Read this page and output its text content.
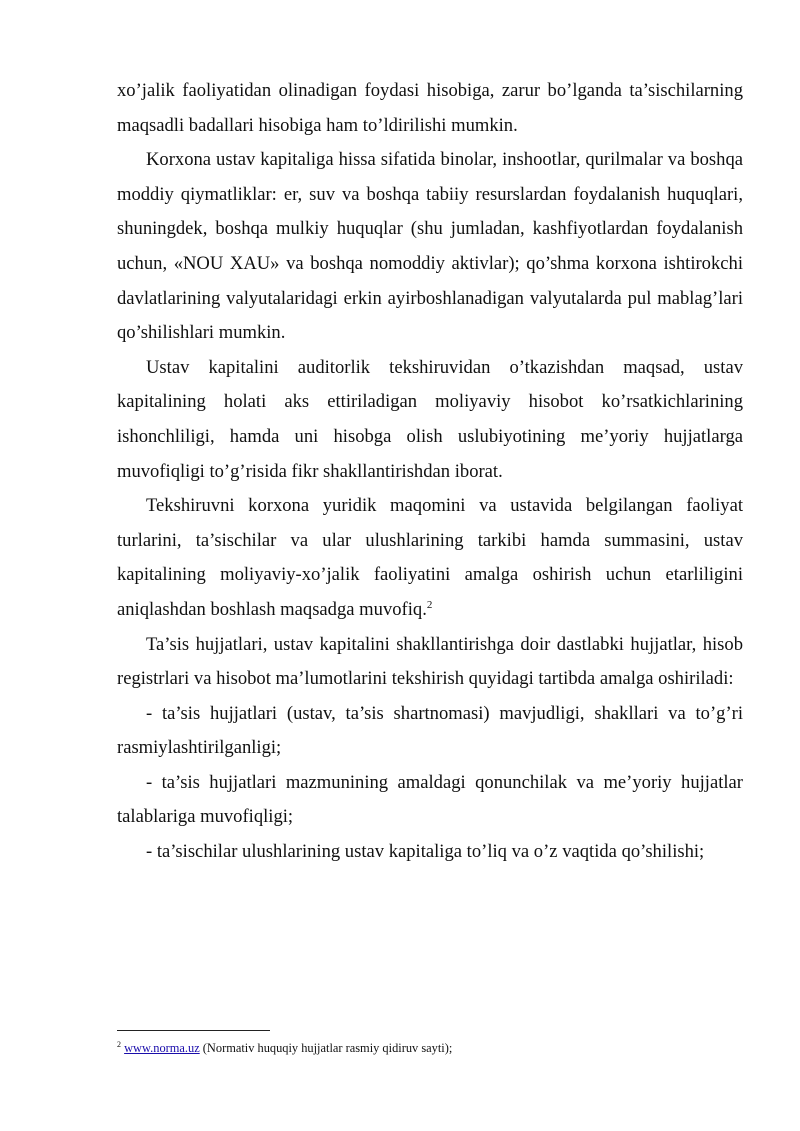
xo’jalik faoliyatidan olinadigan foydasi hisobiga, zarur bo’lganda ta’sischilarning maqsadli badallari hisobiga ham to’ldirilishi mumkin.

Korxona ustav kapitaliga hissa sifatida binolar, inshootlar, qurilmalar va boshqa moddiy qiymatliklar: er, suv va boshqa tabiiy resurslardan foydalanish huquqlari, shuningdek, boshqa mulkiy huquqlar (shu jumladan, kashfiyotlardan foydalanish uchun, «NOU XAU» va boshqa nomoddiy aktivlar); qo’shma korxona ishtirokchi davlatlarining valyutalaridagi erkin ayirboshlanadigan valyutalarda pul mablag’lari qo’shilishlari mumkin.

Ustav kapitalini auditorlik tekshiruvidan o’tkazishdan maqsad, ustav kapitalining holati aks ettiriladigan moliyaviy hisobot ko’rsatkichlarining ishonchliligi, hamda uni hisobga olish uslubiyotining me’yoriy hujjatlarga muvofiqligi to’g’risida fikr shakllantirishdan iborat.

Tekshiruvni korxona yuridik maqomini va ustavida belgilangan faoliyat turlarini, ta’sischilar va ular ulushlarining tarkibi hamda summasini, ustav kapitalining moliyaviy-xo’jalik faoliyatini amalga oshirish uchun etarliligini aniqlashdan boshlash maqsadga muvofiq.$^2$

Ta’sis hujjatlari, ustav kapitalini shakllantirishga doir dastlabki hujjatlar, hisob registrlari va hisobot ma’lumotlarini tekshirish quyidagi tartibda amalga oshiriladi:

- ta’sis hujjatlari (ustav, ta’sis shartnomasi) mavjudligi, shakllari va to’g’ri rasmiylashtirilganligi;

- ta’sis hujjatlari mazmunining amaldagi qonunchilak va me’yoriy hujjatlar talablariga muvofiqligi;

- ta’sischilar ulushlarining ustav kapitaliga to’liq va o’z vaqtida qo’shilishi;

$^2$ www.norma.uz (Normativ huquqiy hujjatlar rasmiy qidiruv sayti);
